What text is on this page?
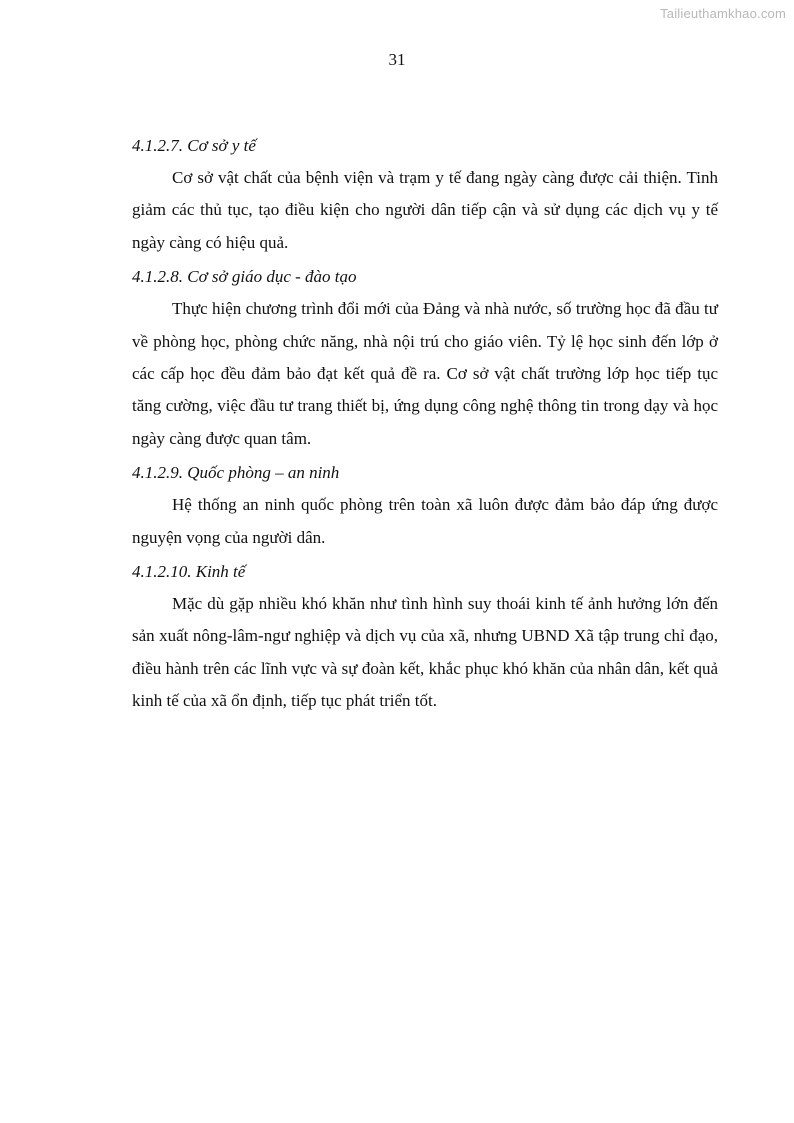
Tailieuthamkhao.com
31

4.1.2.7. Cơ sở y tế

Cơ sở vật chất của bệnh viện và trạm y tế đang ngày càng được cải thiện. Tinh giảm các thủ tục, tạo điều kiện cho người dân tiếp cận và sử dụng các dịch vụ y tế ngày càng có hiệu quả.

4.1.2.8. Cơ sở giáo dục - đào tạo

Thực hiện chương trình đổi mới của Đảng và nhà nước, số trường học đã đầu tư về phòng học, phòng chức năng, nhà nội trú cho giáo viên. Tỷ lệ học sinh đến lớp ở các cấp học đều đảm bảo đạt kết quả đề ra. Cơ sở vật chất trường lớp học tiếp tục tăng cường, việc đầu tư trang thiết bị, ứng dụng công nghệ thông tin trong dạy và học ngày càng được quan tâm.

4.1.2.9. Quốc phòng – an ninh

Hệ thống an ninh quốc phòng trên toàn xã luôn được đảm bảo đáp ứng được nguyện vọng của người dân.

4.1.2.10. Kinh tế

Mặc dù gặp nhiều khó khăn như tình hình suy thoái kinh tế ảnh hưởng lớn đến sản xuất nông-lâm-ngư nghiệp và dịch vụ của xã, nhưng UBND Xã tập trung chỉ đạo, điều hành trên các lĩnh vực và sự đoàn kết, khắc phục khó khăn của nhân dân, kết quả kinh tế của xã ổn định, tiếp tục phát triển tốt.
